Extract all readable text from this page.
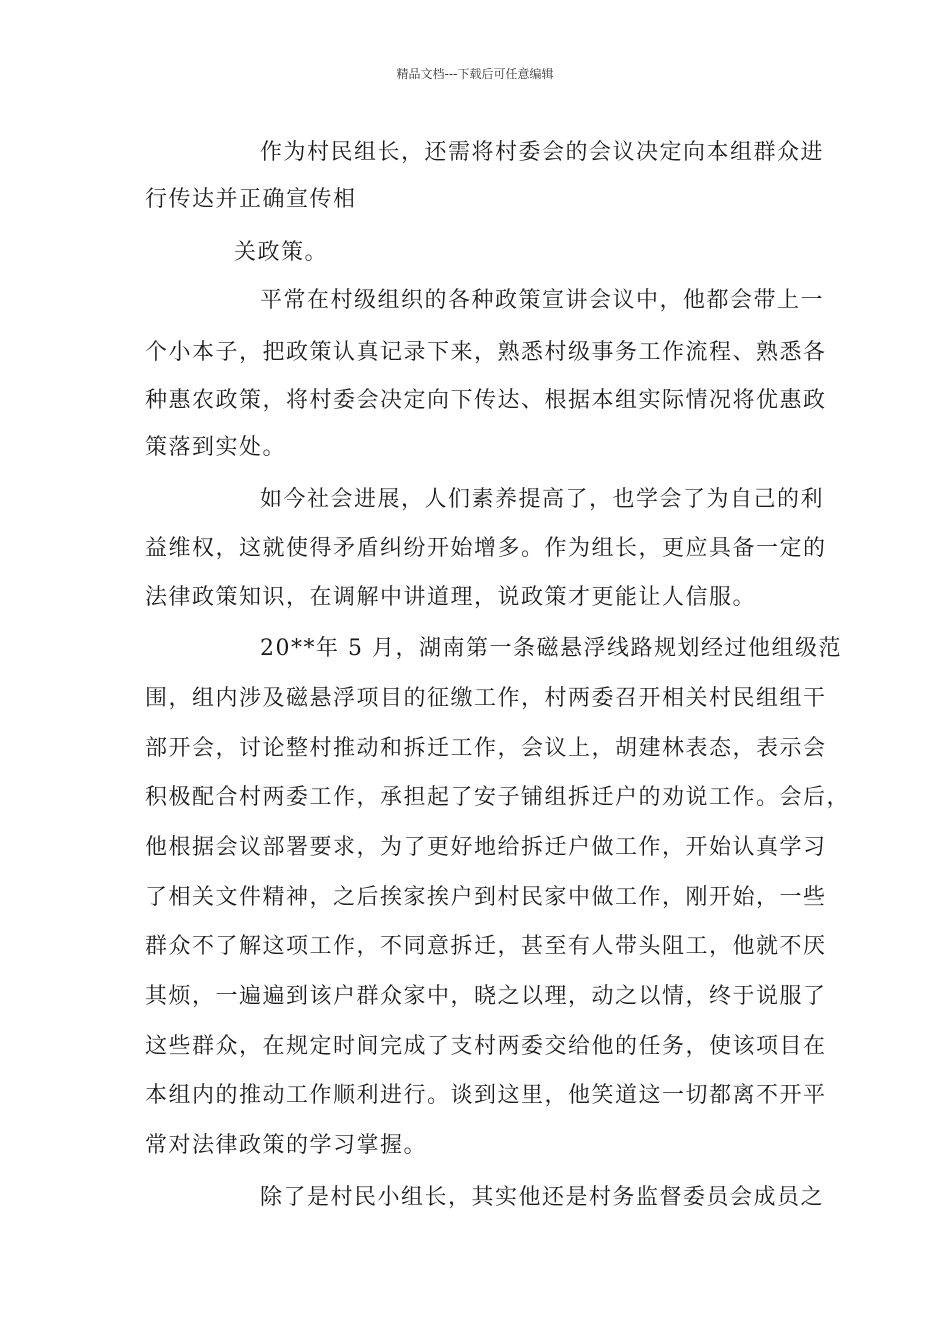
精品文档---下载后可任意编辑
作为村民组长，还需将村委会的会议决定向本组群众进
行传达并正确宣传相
关政策。
平常在村级组织的各种政策宣讲会议中，他都会带上一
个小本子，把政策认真记录下来，熟悉村级事务工作流程、熟悉各
种惠农政策，将村委会决定向下传达、根据本组实际情况将优惠政
策落到实处。
如今社会进展，人们素养提高了，也学会了为自己的利
益维权，这就使得矛盾纠纷开始增多。作为组长，更应具备一定的
法律政策知识，在调解中讲道理，说政策才更能让人信服。
20**年 5 月，湖南第一条磁悬浮线路规划经过他组级范
围，组内涉及磁悬浮项目的征缴工作，村两委召开相关村民组组干
部开会，讨论整村推动和拆迁工作，会议上，胡建林表态，表示会
积极配合村两委工作，承担起了安子铺组拆迁户的劝说工作。会后，
他根据会议部署要求，为了更好地给拆迁户做工作，开始认真学习
了相关文件精神，之后挨家挨户到村民家中做工作，刚开始，一些
群众不了解这项工作，不同意拆迁，甚至有人带头阻工，他就不厌
其烦，一遍遍到该户群众家中，晓之以理，动之以情，终于说服了
这些群众，在规定时间完成了支村两委交给他的任务，使该项目在
本组内的推动工作顺利进行。谈到这里，他笑道这一切都离不开平
常对法律政策的学习掌握。
除了是村民小组长，其实他还是村务监督委员会成员之
